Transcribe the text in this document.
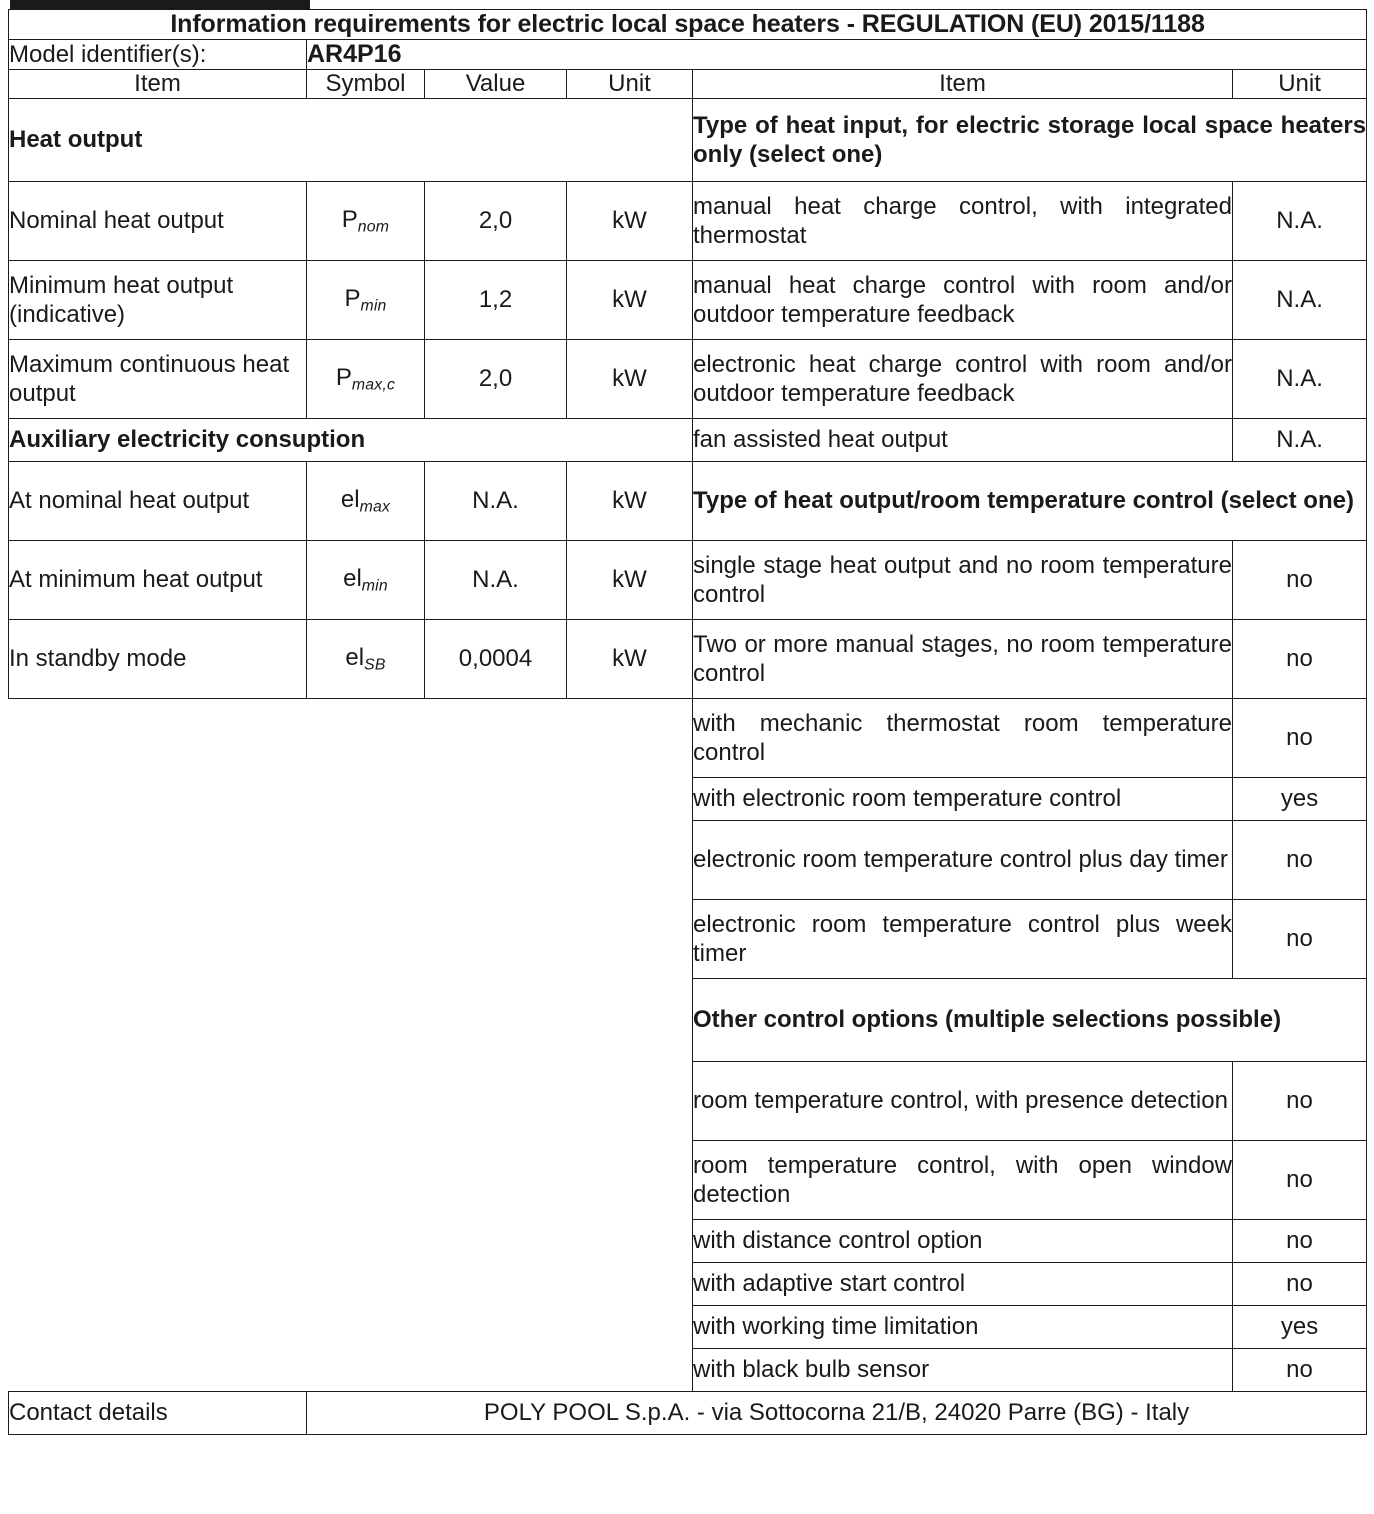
Information requirements for electric local space heaters - REGULATION (EU) 2015/1188					
Model identifier(s):	AR4P16				
Item	Symbol	Value	Unit	Item	Unit
Heat output				Type of heat input, for electric storage local space heaters only (select one)	
Nominal heat output	$P_{nom}$	2,0	kW	manual heat charge control, with integrated thermostat	N.A.
Minimum heat output (indicative)	$P_{min}$	1,2	kW	manual heat charge control with room and/or outdoor temperature feedback	N.A.
Maximum continuous heat output	$P_{max,c}$	2,0	kW	electronic heat charge control with room and/or outdoor temperature feedback	N.A.
Auxiliary electricity consuption				fan assisted heat output	N.A.
At nominal heat output	$el_{max}$	N.A.	kW	Type of heat output/room temperature control (select one)	
At minimum heat output	$el_{min}$	N.A.	kW	single stage heat output and no room temperature control	no
In standby mode	$el_{SB}$	0,0004	kW	Two or more manual stages, no room temperature control	no
				with mechanic thermostat room temperature control	no
				with electronic room temperature control	yes
				electronic room temperature control plus day timer	no
				electronic room temperature control plus week timer	no
				Other control options (multiple selections possible)	
				room temperature control, with presence detection	no
				room temperature control, with open window detection	no
				with distance control option	no
				with adaptive start control	no
				with working time limitation	yes
				with black bulb sensor	no
Contact details	POLY POOL S.p.A. - via Sottocorna 21/B, 24020 Parre (BG) - Italy				
